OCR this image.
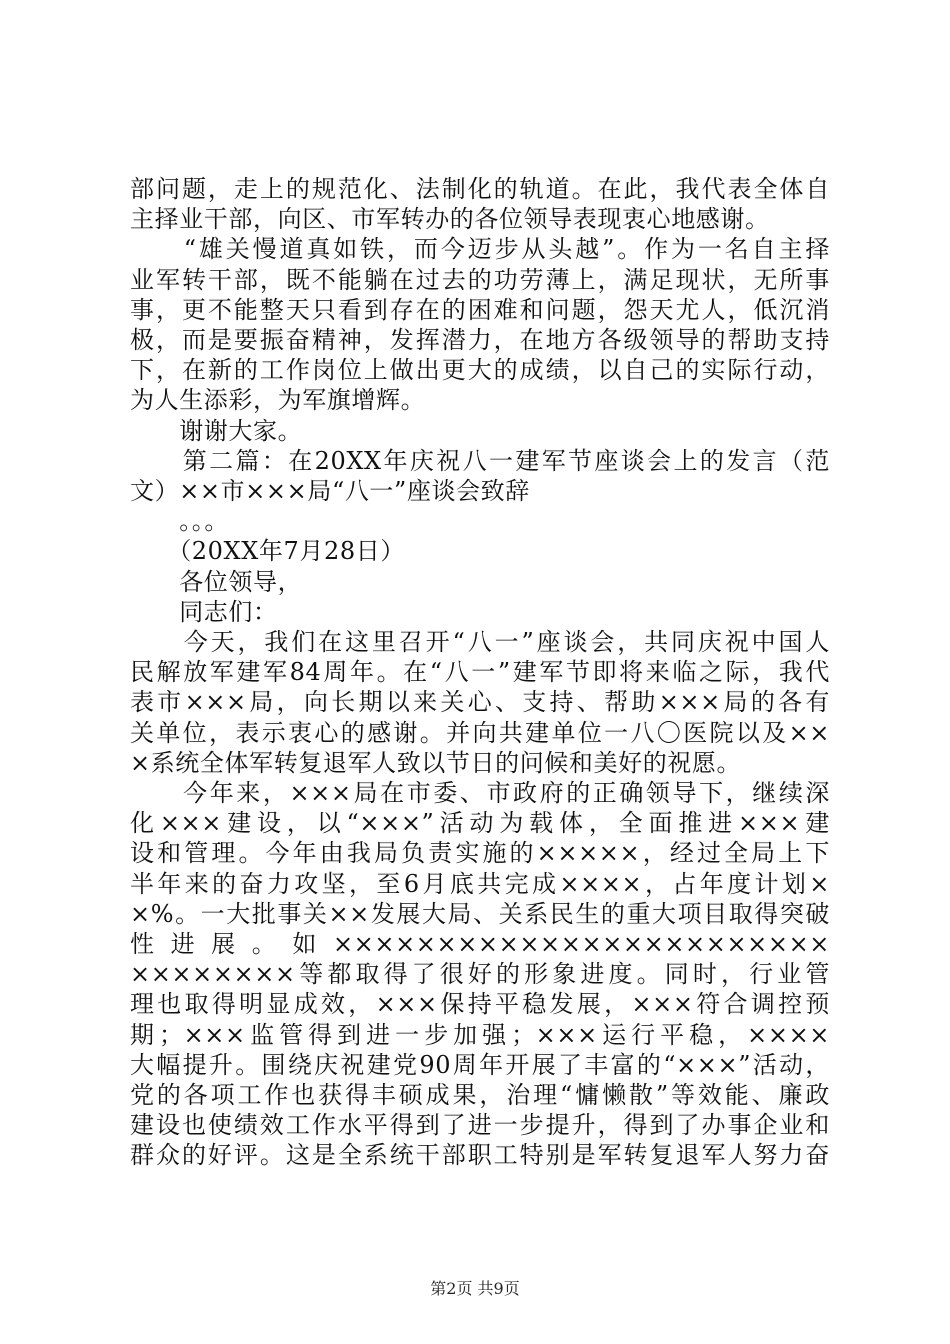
部问题，走上的规范化、法制化的轨道。在此，我代表全体自
主择业干部，向区、市军转办的各位领导表现衷心地感谢。
　　“雄关慢道真如铁，而今迈步从头越”。作为一名自主择
业军转干部，既不能躺在过去的功劳薄上，满足现状，无所事
事，更不能整天只看到存在的困难和问题，怨天尤人，低沉消
极，而是要振奋精神，发挥潜力，在地方各级领导的帮助支持
下，在新的工作岗位上做出更大的成绩，以自己的实际行动，
为人生添彩，为军旗增辉。
　　谢谢大家。
　　第二篇：在20XX年庆祝八一建军节座谈会上的发言（范
文）××市×××局“八一”座谈会致辞
　　。。。
　　（20XX年7月28日）
　　各位领导，
　　同志们：
　　今天，我们在这里召开“八一”座谈会，共同庆祝中国人
民解放军建军84周年。在“八一”建军节即将来临之际，我代
表市×××局，向长期以来关心、支持、帮助×××局的各有
关单位，表示衷心的感谢。并向共建单位一八〇医院以及××
×系统全体军转复退军人致以节日的问候和美好的祝愿。
　　今年来，×××局在市委、市政府的正确领导下，继续深
化×××建设，以“×××”活动为载体，全面推进×××建
设和管理。今年由我局负责实施的×××××，经过全局上下
半年来的奋力攻坚，至6月底共完成××××，占年度计划×
×%。一大批事关××发展大局、关系民生的重大项目取得突破
性进展。如××××××××××××××××××××××××
××××××××等都取得了很好的形象进度。同时，行业管
理也取得明显成效，×××保持平稳发展，×××符合调控预
期；×××监管得到进一步加强；×××运行平稳，××××
大幅提升。围绕庆祝建党90周年开展了丰富的“×××”活动，
党的各项工作也获得丰硕成果，治理“慵懒散”等效能、廉政
建设也使绩效工作水平得到了进一步提升，得到了办事企业和
群众的好评。这是全系统干部职工特别是军转复退军人努力奋
第2页 共9页
